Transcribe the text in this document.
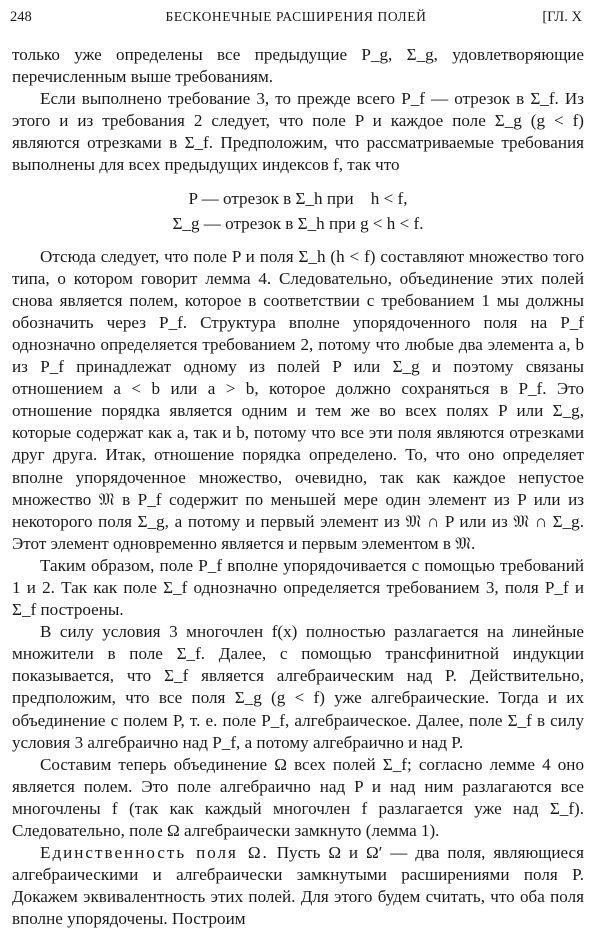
248	БЕСКОНЕЧНЫЕ РАСШИРЕНИЯ ПОЛЕЙ	[ГЛ. X

только уже определены все предыдущие P_g, Σ_g, удовлетворяющие перечисленным выше требованиям.

Если выполнено требование 3, то прежде всего P_f — отрезок в Σ_f. Из этого и из требования 2 следует, что поле P и каждое поле Σ_g (g < f) являются отрезками в Σ_f. Предположим, что рассматриваемые требования выполнены для всех предыдущих индексов f, так что

P — отрезок в Σ_h при    h < f,
Σ_g — отрезок в Σ_h при g < h < f.

Отсюда следует, что поле P и поля Σ_h (h < f) составляют множество того типа, о котором говорит лемма 4. Следовательно, объединение этих полей снова является полем, которое в соответствии с требованием 1 мы должны обозначить через P_f. Структура вполне упорядоченного поля на P_f однозначно определяется требованием 2, потому что любые два элемента a, b из P_f принадлежат одному из полей P или Σ_g и поэтому связаны отношением a < b или a > b, которое должно сохраняться в P_f. Это отношение порядка является одним и тем же во всех полях P или Σ_g, которые содержат как a, так и b, потому что все эти поля являются отрезками друг друга. Итак, отношение порядка определено. То, что оно определяет вполне упорядоченное множество, очевидно, так как каждое непустое множество 𝔐 в P_f содержит по меньшей мере один элемент из P или из некоторого поля Σ_g, а потому и первый элемент из 𝔐 ∩ P или из 𝔐 ∩ Σ_g. Этот элемент одновременно является и первым элементом в 𝔐.

Таким образом, поле P_f вполне упорядочивается с помощью требований 1 и 2. Так как поле Σ_f однозначно определяется требованием 3, поля P_f и Σ_f построены.

В силу условия 3 многочлен f(x) полностью разлагается на линейные множители в поле Σ_f. Далее, с помощью трансфинитной индукции показывается, что Σ_f является алгебраическим над P. Действительно, предположим, что все поля Σ_g (g < f) уже алгебраические. Тогда и их объединение с полем P, т. е. поле P_f, алгебраическое. Далее, поле Σ_f в силу условия 3 алгебраично над P_f, а потому алгебраично и над P.

Составим теперь объединение Ω всех полей Σ_f; согласно лемме 4 оно является полем. Это поле алгебраично над P и над ним разлагаются все многочлены f (так как каждый многочлен f разлагается уже над Σ_f). Следовательно, поле Ω алгебраически замкнуто (лемма 1).

Единственность поля Ω. Пусть Ω и Ω′ — два поля, являющиеся алгебраическими и алгебраически замкнутыми расширениями поля P. Докажем эквивалентность этих полей. Для этого будем считать, что оба поля вполне упорядочены. Построим
